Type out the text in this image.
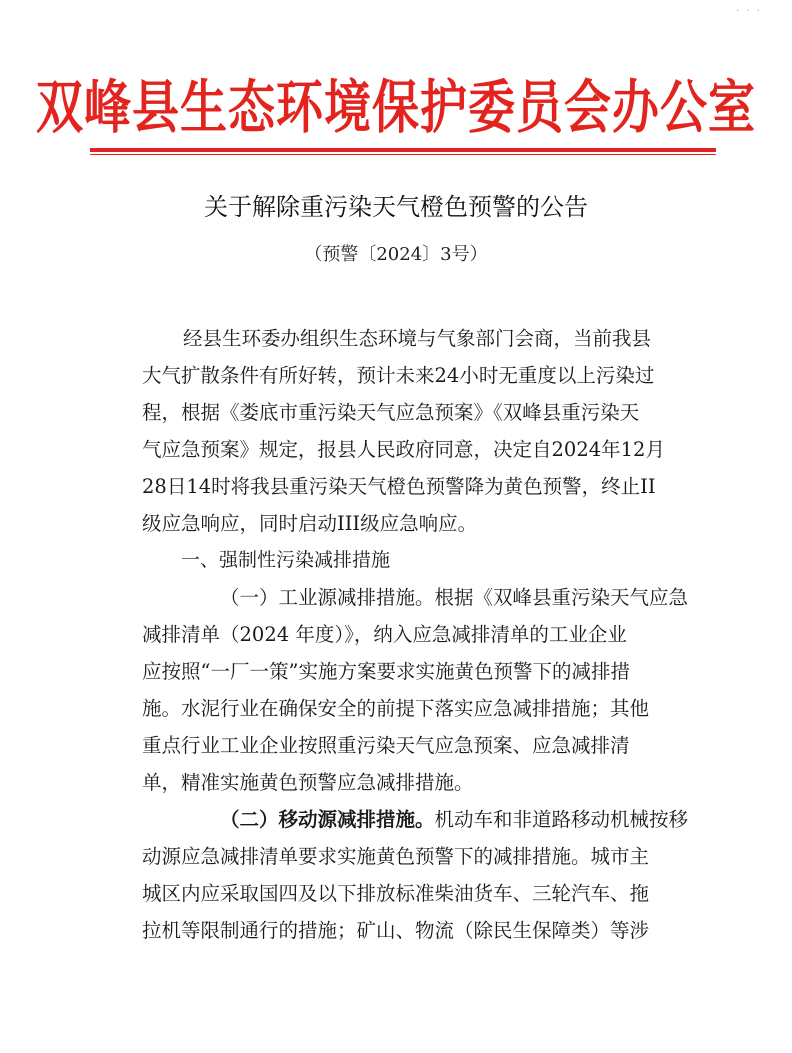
· · ·
双峰县生态环境保护委员会办公室
关于解除重污染天气橙色预警的公告
（预警〔2024〕3号）
经县生环委办组织生态环境与气象部门会商，当前我县
大气扩散条件有所好转，预计未来24小时无重度以上污染过
程，根据《娄底市重污染天气应急预案》《双峰县重污染天
气应急预案》规定，报县人民政府同意，决定自2024年12月
28日14时将我县重污染天气橙色预警降为黄色预警，终止II
级应急响应，同时启动III级应急响应。
一、强制性污染减排措施
（一）工业源减排措施。根据《双峰县重污染天气应急
减排清单（2024 年度）》，纳入应急减排清单的工业企业
应按照“一厂一策”实施方案要求实施黄色预警下的减排措
施。水泥行业在确保安全的前提下落实应急减排措施；其他
重点行业工业企业按照重污染天气应急预案、应急减排清
单，精准实施黄色预警应急减排措施。
（二）移动源减排措施。机动车和非道路移动机械按移
动源应急减排清单要求实施黄色预警下的减排措施。城市主
城区内应采取国四及以下排放标准柴油货车、三轮汽车、拖
拉机等限制通行的措施；矿山、物流（除民生保障类）等涉
